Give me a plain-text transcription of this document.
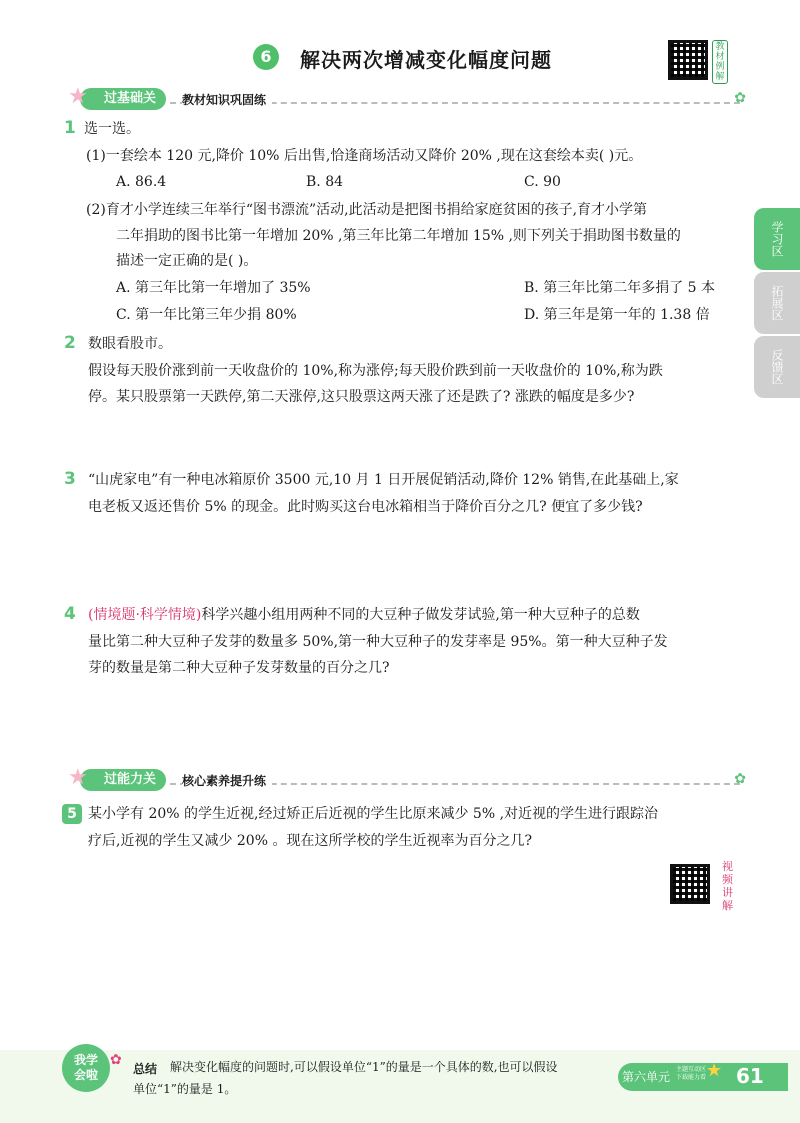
6	解决两次增减变化幅度问题
教材例解
学习区
拓展区
反馈区
过基础关
★	教材知识巩固练	✿
1 选一选。
(1)一套绘本 120 元,降价 10% 后出售,恰逢商场活动又降价 20% ,现在这套绘本卖( )元。
A. 86.4	B. 84	C. 90
(2)育才小学连续三年举行“图书漂流”活动,此活动是把图书捐给家庭贫困的孩子,育才小学第
二年捐助的图书比第一年增加 20% ,第三年比第二年增加 15% ,则下列关于捐助图书数量的
描述一定正确的是( )。
A. 第三年比第一年增加了 35%	B. 第三年比第二年多捐了 5 本
C. 第一年比第三年少捐 80%	D. 第三年是第一年的 1.38 倍
2 数眼看股市。
假设每天股价涨到前一天收盘价的 10%,称为涨停;每天股价跌到前一天收盘价的 10%,称为跌
停。某只股票第一天跌停,第二天涨停,这只股票这两天涨了还是跌了? 涨跌的幅度是多少?
3 “山虎家电”有一种电冰箱原价 3500 元,10 月 1 日开展促销活动,降价 12% 销售,在此基础上,家
电老板又返还售价 5% 的现金。此时购买这台电冰箱相当于降价百分之几? 便宜了多少钱?
4 (情境题·科学情境)科学兴趣小组用两种不同的大豆种子做发芽试验,第一种大豆种子的总数
量比第二种大豆种子发芽的数量多 50%,第一种大豆种子的发芽率是 95%。第一种大豆种子发
芽的数量是第二种大豆种子发芽数量的百分之几?
过能力关
★	核心素养提升练	✿
5 某小学有 20% 的学生近视,经过矫正后近视的学生比原来减少 5% ,对近视的学生进行跟踪治
疗后,近视的学生又减少 20% 。现在这所学校的学生近视率为百分之几?
视频讲解
我学
会啦
✿
总结 解决变化幅度的问题时,可以假设单位“1”的量是一个具体的数,也可以假设
单位“1”的量是 1。
第六单元
主题互动区 下载能力看 ★ 61
